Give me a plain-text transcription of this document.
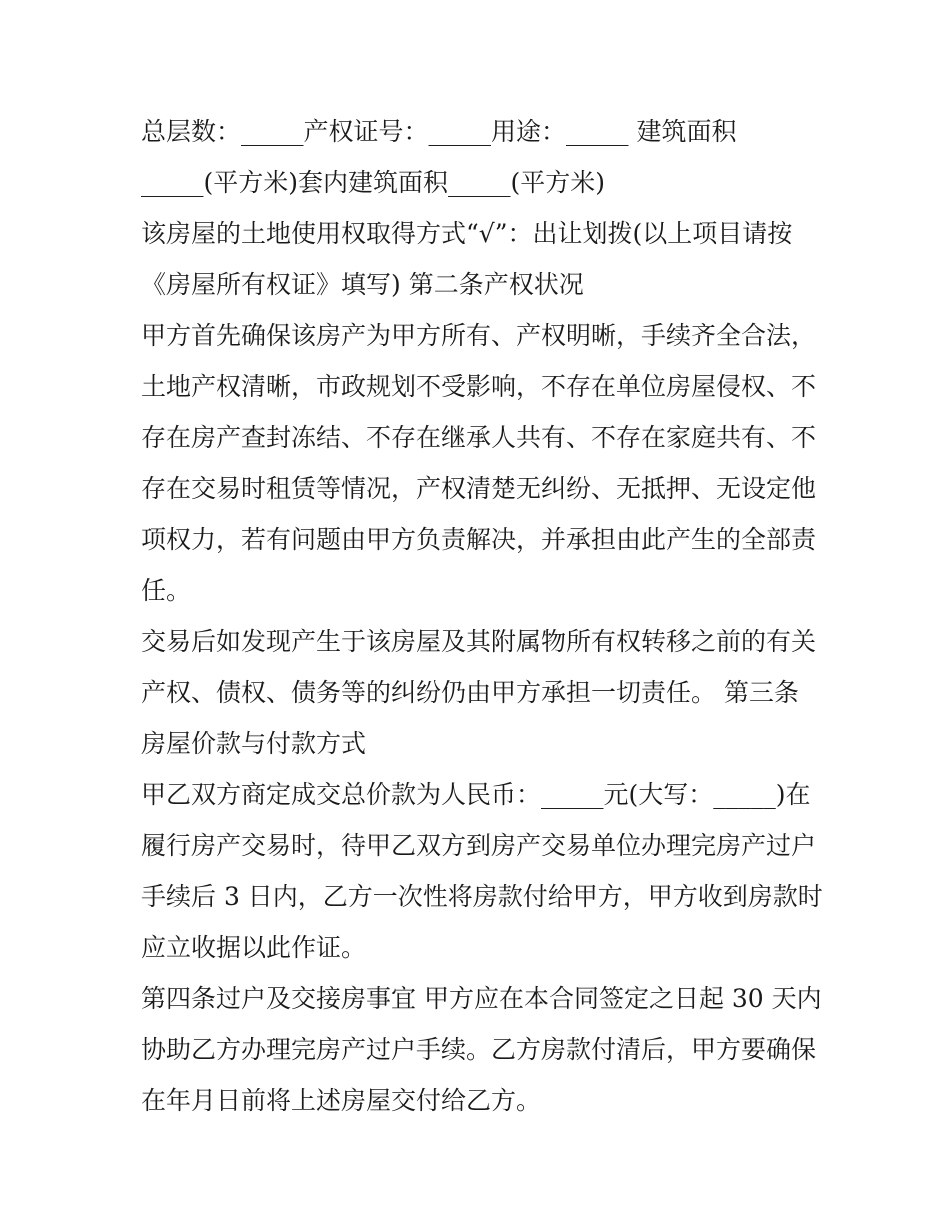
总层数：_____产权证号：_____用途：_____ 建筑面积
_____(平方米)套内建筑面积_____(平方米)
该房屋的土地使用权取得方式“√”：出让划拨(以上项目请按
《房屋所有权证》填写) 第二条产权状况
甲方首先确保该房产为甲方所有、产权明晰，手续齐全合法，
土地产权清晰，市政规划不受影响，不存在单位房屋侵权、不
存在房产查封冻结、不存在继承人共有、不存在家庭共有、不
存在交易时租赁等情况，产权清楚无纠纷、无抵押、无设定他
项权力，若有问题由甲方负责解决，并承担由此产生的全部责
任。
交易后如发现产生于该房屋及其附属物所有权转移之前的有关
产权、债权、债务等的纠纷仍由甲方承担一切责任。 第三条
房屋价款与付款方式
甲乙双方商定成交总价款为人民币：_____元(大写：_____)在
履行房产交易时，待甲乙双方到房产交易单位办理完房产过户
手续后 3 日内，乙方一次性将房款付给甲方，甲方收到房款时
应立收据以此作证。
第四条过户及交接房事宜 甲方应在本合同签定之日起 30 天内
协助乙方办理完房产过户手续。乙方房款付清后，甲方要确保
在年月日前将上述房屋交付给乙方。
